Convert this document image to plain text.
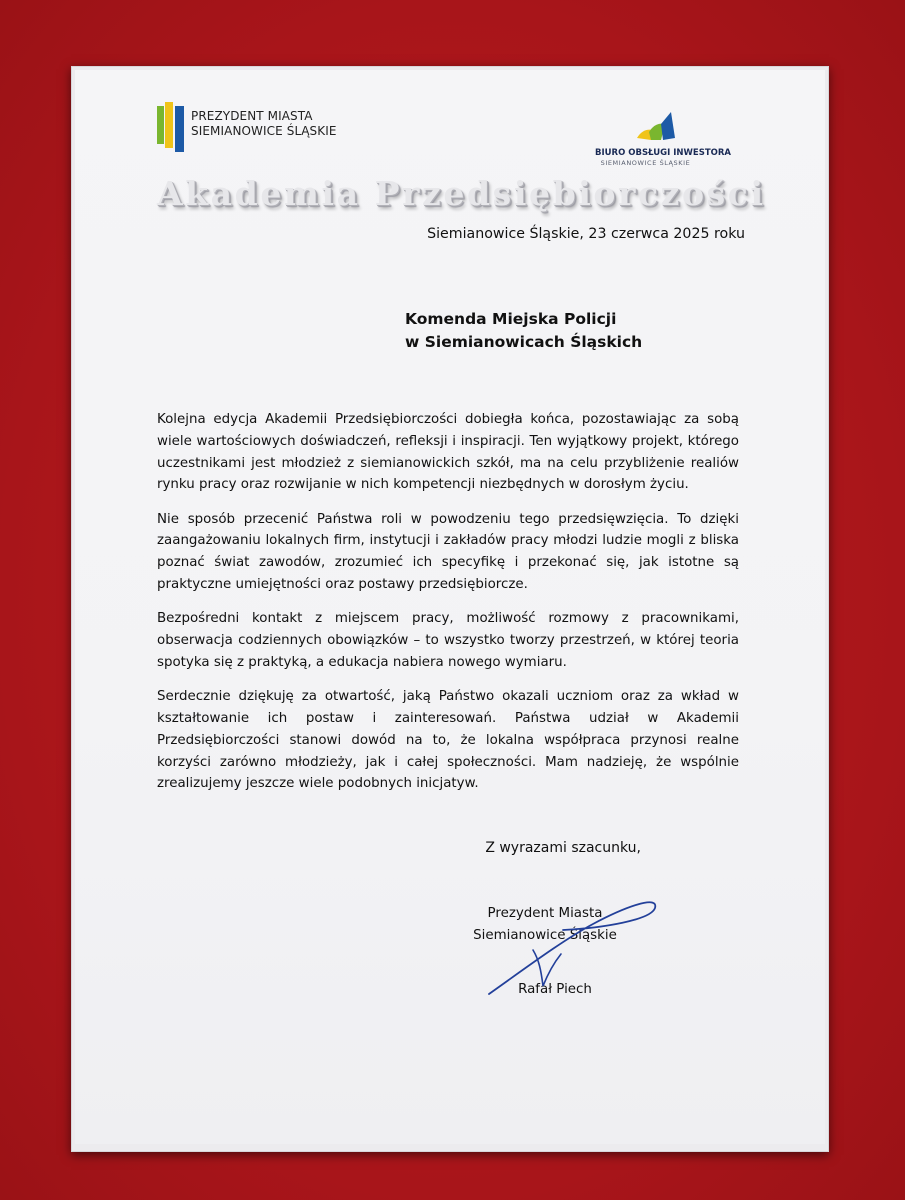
PREZYDENT MIASTA
SIEMIANOWICE ŚLĄSKIE
BIURO OBSŁUGI INWESTORA
SIEMIANOWICE ŚLĄSKIE
Akademia Przedsiębiorczości
Siemianowice Śląskie, 23 czerwca 2025 roku
Komenda Miejska Policji
w Siemianowicach Śląskich

Kolejna edycja Akademii Przedsiębiorczości dobiegła końca, pozostawiając za sobą wiele wartościowych doświadczeń, refleksji i inspiracji. Ten wyjątkowy projekt, którego uczestnikami jest młodzież z siemianowickich szkół, ma na celu przybliżenie realiów rynku pracy oraz rozwijanie w nich kompetencji niezbędnych w dorosłym życiu.

Nie sposób przecenić Państwa roli w powodzeniu tego przedsięwzięcia. To dzięki zaangażowaniu lokalnych firm, instytucji i zakładów pracy młodzi ludzie mogli z bliska poznać świat zawodów, zrozumieć ich specyfikę i przekonać się, jak istotne są praktyczne umiejętności oraz postawy przedsiębiorcze.

Bezpośredni kontakt z miejscem pracy, możliwość rozmowy z pracownikami, obserwacja codziennych obowiązków – to wszystko tworzy przestrzeń, w której teoria spotyka się z praktyką, a edukacja nabiera nowego wymiaru.

Serdecznie dziękuję za otwartość, jaką Państwo okazali uczniom oraz za wkład w kształtowanie ich postaw i zainteresowań. Państwa udział w Akademii Przedsiębiorczości stanowi dowód na to, że lokalna współpraca przynosi realne korzyści zarówno młodzieży, jak i całej społeczności. Mam nadzieję, że wspólnie zrealizujemy jeszcze wiele podobnych inicjatyw.

Z wyrazami szacunku,
Prezydent Miasta
Siemianowice Śląskie
Rafał Piech
